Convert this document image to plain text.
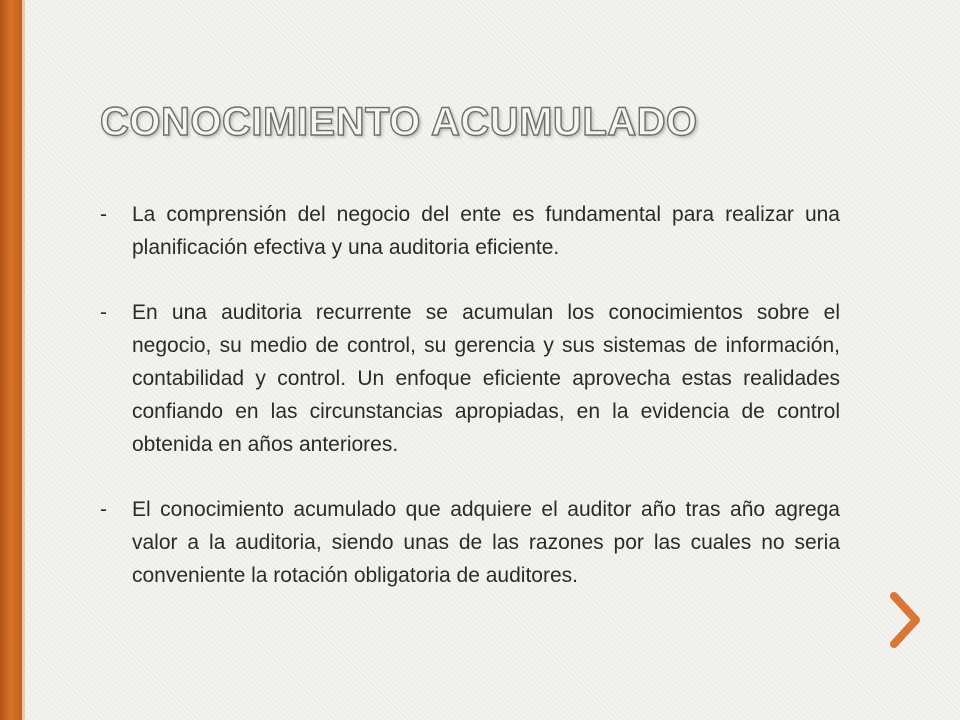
CONOCIMIENTO ACUMULADO
-	La comprensión del negocio del ente es fundamental para realizar una planificación efectiva y una auditoria eficiente.

-	En una auditoria recurrente se acumulan los conocimientos sobre el negocio, su medio de control, su gerencia y sus sistemas de información, contabilidad y control. Un enfoque eficiente aprovecha estas realidades confiando en las circunstancias apropiadas, en la evidencia de control obtenida en años anteriores.

-	El conocimiento acumulado que adquiere el auditor año tras año agrega valor a la auditoria, siendo unas de las razones por las cuales no seria conveniente la rotación obligatoria de auditores.
